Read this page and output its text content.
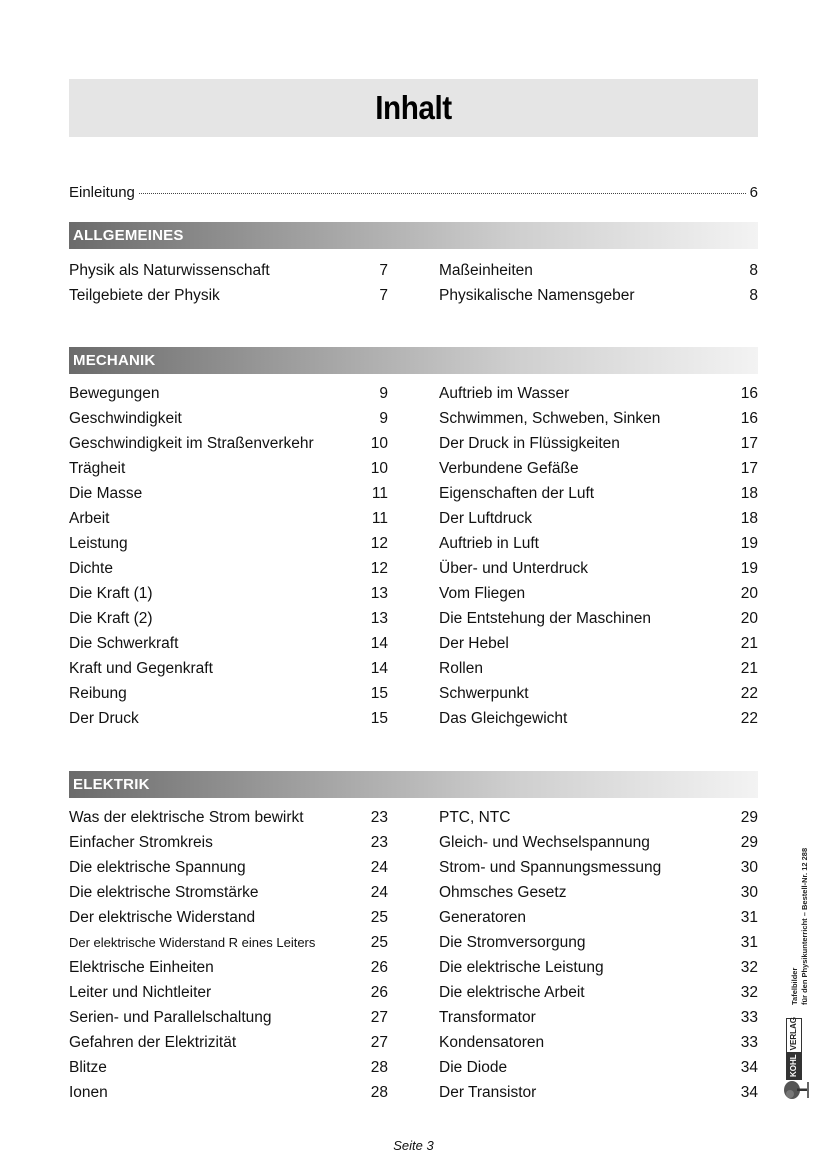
Inhalt
Einleitung	6
ALLGEMEINES
Physik als Naturwissenschaft	7
Teilgebiete der Physik	7
Maßeinheiten	8
Physikalische Namensgeber	8
MECHANIK
Bewegungen	9
Geschwindigkeit	9
Geschwindigkeit im Straßenverkehr	10
Trägheit	10
Die Masse	11
Arbeit	11
Leistung	12
Dichte	12
Die Kraft (1)	13
Die Kraft (2)	13
Die Schwerkraft	14
Kraft und Gegenkraft	14
Reibung	15
Der Druck	15
Auftrieb im Wasser	16
Schwimmen, Schweben, Sinken	16
Der Druck in Flüssigkeiten	17
Verbundene Gefäße	17
Eigenschaften der Luft	18
Der Luftdruck	18
Auftrieb in Luft	19
Über- und Unterdruck	19
Vom Fliegen	20
Die Entstehung der Maschinen	20
Der Hebel	21
Rollen	21
Schwerpunkt	22
Das Gleichgewicht	22
ELEKTRIK
Was der elektrische Strom bewirkt	23
Einfacher Stromkreis	23
Die elektrische Spannung	24
Die elektrische Stromstärke	24
Der elektrische Widerstand	25
Der elektrische Widerstand R eines Leiters	25
Elektrische Einheiten	26
Leiter und Nichtleiter	26
Serien- und Parallelschaltung	27
Gefahren der Elektrizität	27
Blitze	28
Ionen	28
PTC, NTC	29
Gleich- und Wechselspannung	29
Strom- und Spannungsmessung	30
Ohmsches Gesetz	30
Generatoren	31
Die Stromversorgung	31
Die elektrische Leistung	32
Die elektrische Arbeit	32
Transformator	33
Kondensatoren	33
Die Diode	34
Der Transistor	34
KOHL
VERLAG
Tafelbilder für den Physikunterricht – Bestell-Nr. 12 288
Seite 3
